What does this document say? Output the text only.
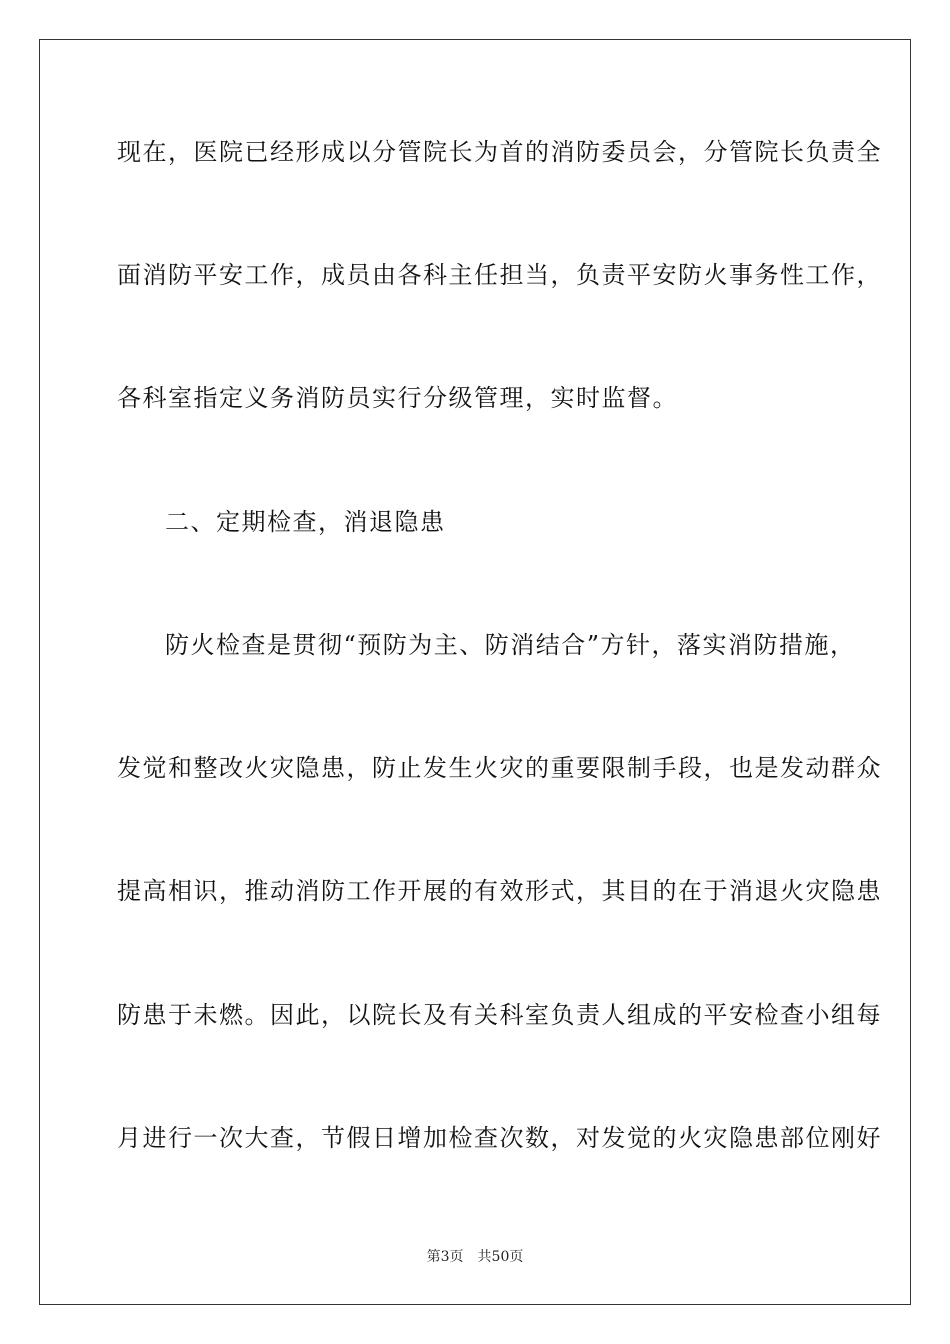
现在，医院已经形成以分管院长为首的消防委员会，分管院长负责全
面消防平安工作，成员由各科主任担当，负责平安防火事务性工作，
各科室指定义务消防员实行分级管理，实时监督。
二、定期检查，消退隐患
防火检查是贯彻“预防为主、防消结合”方针，落实消防措施，
发觉和整改火灾隐患，防止发生火灾的重要限制手段，也是发动群众
提高相识，推动消防工作开展的有效形式，其目的在于消退火灾隐患
防患于未燃。因此，以院长及有关科室负责人组成的平安检查小组每
月进行一次大查，节假日增加检查次数，对发觉的火灾隐患部位刚好
第3页 共50页
